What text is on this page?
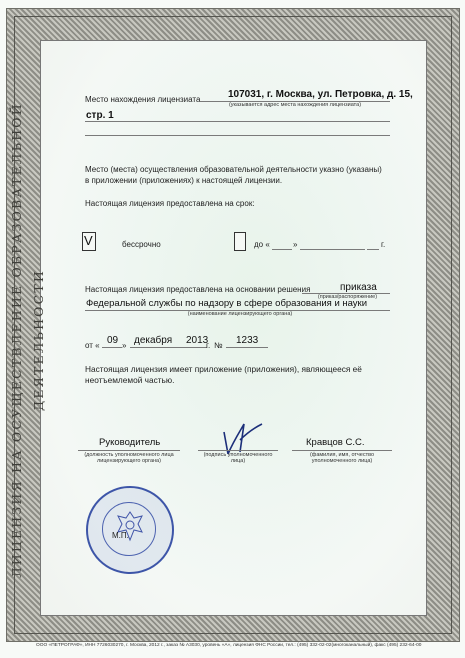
ЛИЦЕНЗИЯ НА ОСУЩЕСТВЛЕНИЕ ОБРАЗОВАТЕЛЬНОЙ ДЕЯТЕЛЬНОСТИ
Место нахождения лицензиата	107031, г. Москва, ул. Петровка, д. 15,
(указывается адрес места нахождения лицензиата)
стр. 1
Место (места) осуществления образовательной деятельности указно (указаны)
в приложении (приложениях) к настоящей лицензии.
Настоящая лицензия предоставлена на срок:
V	бессрочно	до «	»	г.
Настоящая лицензия предоставлена на основании решения	приказа
(приказ/распоряжение)
Федеральной службы по надзору в сфере образования и науки
(наименование лицензирующего органа)
от « 09 » декабря 2013
г. № 1233
Настоящая лицензия имеет приложение (приложения), являющееся её
неотъемлемой частью.
Руководитель
(должность уполномоченного лица лицензирующего органа)
(подпись уполномоченного лица)
Кравцов С.С.
(фамилия, имя, отчество уполномоченного лица)
М.П.
ООО «ПЕТРОГРАФ», ИНН 7726030270, г. Москва, 2012 г., заказ № А3030, уровень «А», лицензия ФНС России, тел.: (495) 332-02-02(многоканальный), факс (495) 232-64-00
